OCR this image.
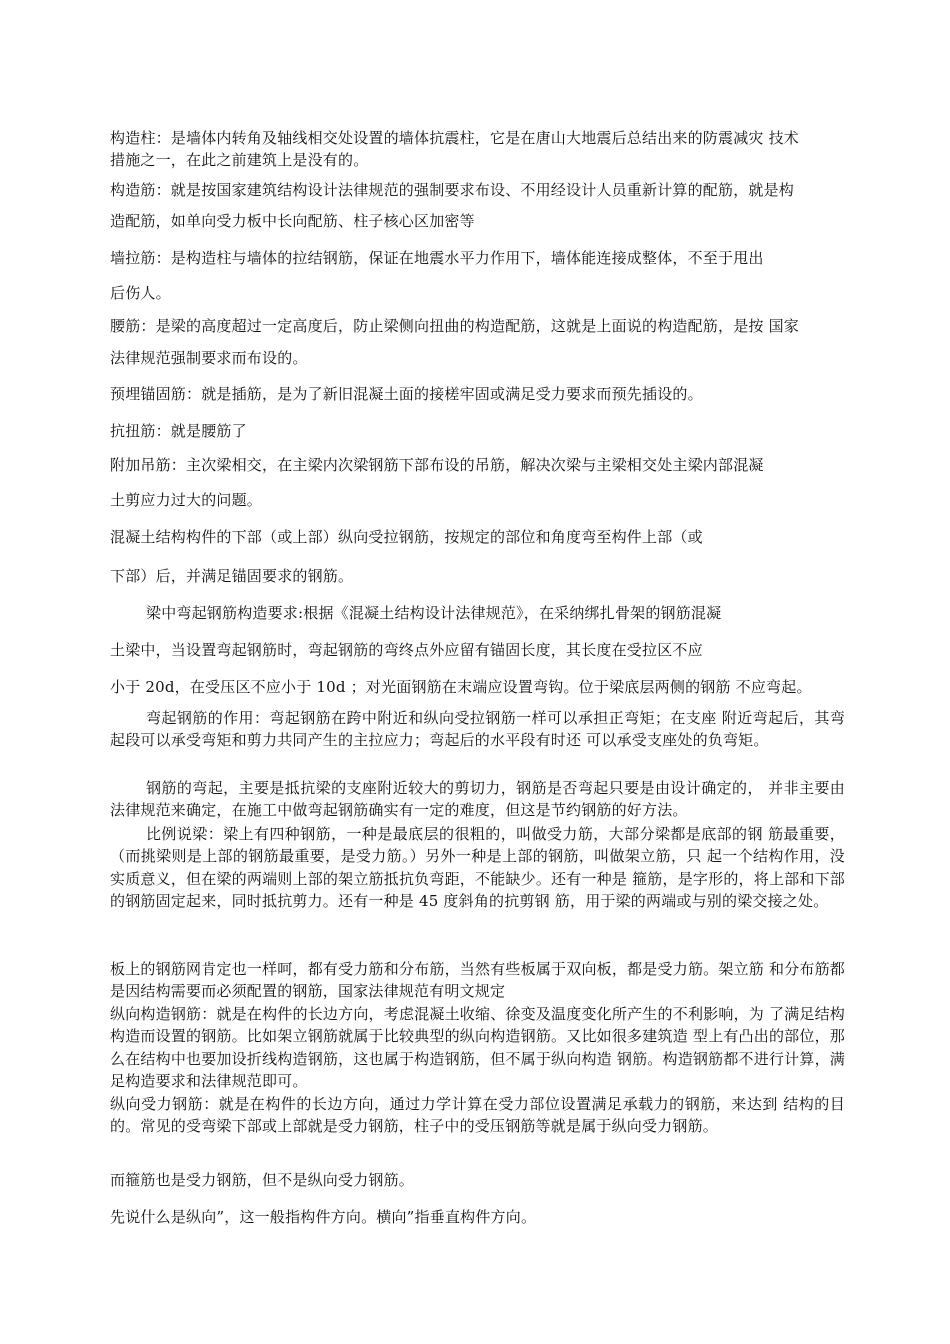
构造柱：是墙体内转角及轴线相交处设置的墙体抗震柱，它是在唐山大地震后总结出来的防震减灾 技术
措施之一，在此之前建筑上是没有的。
构造筋：就是按国家建筑结构设计法律规范的强制要求布设、不用经设计人员重新计算的配筋，就是构
造配筋，如单向受力板中长向配筋、柱子核心区加密等
墙拉筋：是构造柱与墙体的拉结钢筋，保证在地震水平力作用下，墙体能连接成整体，不至于甩出
后伤人。
腰筋：是梁的高度超过一定高度后，防止梁侧向扭曲的构造配筋，这就是上面说的构造配筋，是按 国家
法律规范强制要求而布设的。
预埋锚固筋：就是插筋，是为了新旧混凝土面的接槎牢固或满足受力要求而预先插设的。
抗扭筋：就是腰筋了
附加吊筋：主次梁相交，在主梁内次梁钢筋下部布设的吊筋，解决次梁与主梁相交处主梁内部混凝
土剪应力过大的问题。
混凝土结构构件的下部（或上部）纵向受拉钢筋，按规定的部位和角度弯至构件上部（或
下部）后，并满足锚固要求的钢筋。
梁中弯起钢筋构造要求:根据《混凝土结构设计法律规范》，在采纳绑扎骨架的钢筋混凝
土梁中，当设置弯起钢筋时，弯起钢筋的弯终点外应留有锚固长度，其长度在受拉区不应
小于 20d，在受压区不应小于 10d ；对光面钢筋在末端应设置弯钩。位于梁底层两侧的钢筋 不应弯起。
弯起钢筋的作用：弯起钢筋在跨中附近和纵向受拉钢筋一样可以承担正弯矩；在支座 附近弯起后，其弯起段可以承受弯矩和剪力共同产生的主拉应力；弯起后的水平段有时还 可以承受支座处的负弯矩。
钢筋的弯起，主要是抵抗梁的支座附近较大的剪切力，钢筋是否弯起只要是由设计确定的， 并非主要由法律规范来确定，在施工中做弯起钢筋确实有一定的难度，但这是节约钢筋的好方法。
比例说梁：梁上有四种钢筋，一种是最底层的很粗的，叫做受力筋，大部分梁都是底部的钢 筋最重要，（而挑梁则是上部的钢筋最重要，是受力筋。）另外一种是上部的钢筋，叫做架立筋，只 起一个结构作用，没实质意义，但在梁的两端则上部的架立筋抵抗负弯距，不能缺少。还有一种是 箍筋，是字形的，将上部和下部的钢筋固定起来，同时抵抗剪力。还有一种是 45 度斜角的抗剪钢 筋，用于梁的两端或与别的梁交接之处。
板上的钢筋网肯定也一样呵，都有受力筋和分布筋，当然有些板属于双向板，都是受力筋。架立筋 和分布筋都是因结构需要而必须配置的钢筋，国家法律规范有明文规定
纵向构造钢筋：就是在构件的长边方向，考虑混凝土收缩、徐变及温度变化所产生的不利影响，为 了满足结构构造而设置的钢筋。比如架立钢筋就属于比较典型的纵向构造钢筋。又比如很多建筑造 型上有凸出的部位，那么在结构中也要加设折线构造钢筋，这也属于构造钢筋，但不属于纵向构造 钢筋。构造钢筋都不进行计算，满足构造要求和法律规范即可。
纵向受力钢筋：就是在构件的长边方向，通过力学计算在受力部位设置满足承载力的钢筋，来达到 结构的目的。常见的受弯梁下部或上部就是受力钢筋，柱子中的受压钢筋等就是属于纵向受力钢筋。
而箍筋也是受力钢筋，但不是纵向受力钢筋。
先说什么是纵向”，这一般指构件方向。横向”指垂直构件方向。
